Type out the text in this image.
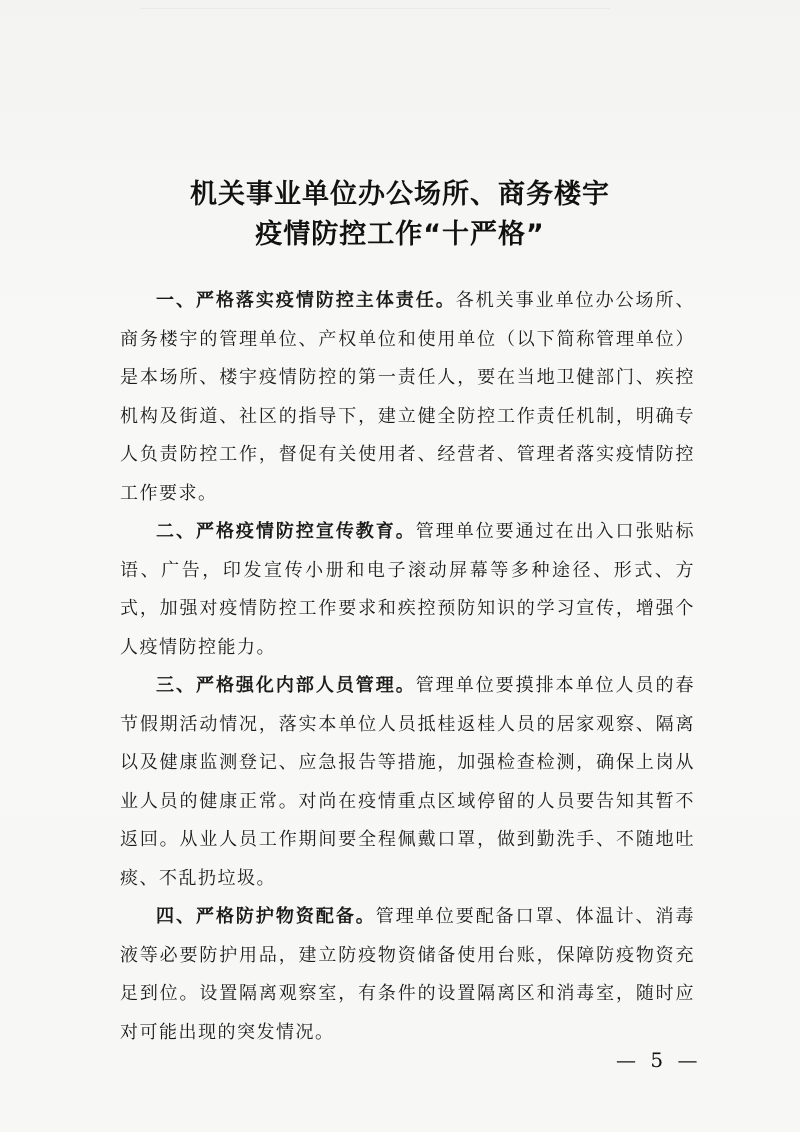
机关事业单位办公场所、商务楼宇
疫情防控工作“十严格”

一、严格落实疫情防控主体责任。各机关事业单位办公场所、商务楼宇的管理单位、产权单位和使用单位（以下简称管理单位）是本场所、楼宇疫情防控的第一责任人，要在当地卫健部门、疾控机构及街道、社区的指导下，建立健全防控工作责任机制，明确专人负责防控工作，督促有关使用者、经营者、管理者落实疫情防控工作要求。

二、严格疫情防控宣传教育。管理单位要通过在出入口张贴标语、广告，印发宣传小册和电子滚动屏幕等多种途径、形式、方式，加强对疫情防控工作要求和疾控预防知识的学习宣传，增强个人疫情防控能力。

三、严格强化内部人员管理。管理单位要摸排本单位人员的春节假期活动情况，落实本单位人员抵桂返桂人员的居家观察、隔离以及健康监测登记、应急报告等措施，加强检查检测，确保上岗从业人员的健康正常。对尚在疫情重点区域停留的人员要告知其暂不返回。从业人员工作期间要全程佩戴口罩，做到勤洗手、不随地吐痰、不乱扔垃圾。

四、严格防护物资配备。管理单位要配备口罩、体温计、消毒液等必要防护用品，建立防疫物资储备使用台账，保障防疫物资充足到位。设置隔离观察室，有条件的设置隔离区和消毒室，随时应对可能出现的突发情况。

— 5 —
